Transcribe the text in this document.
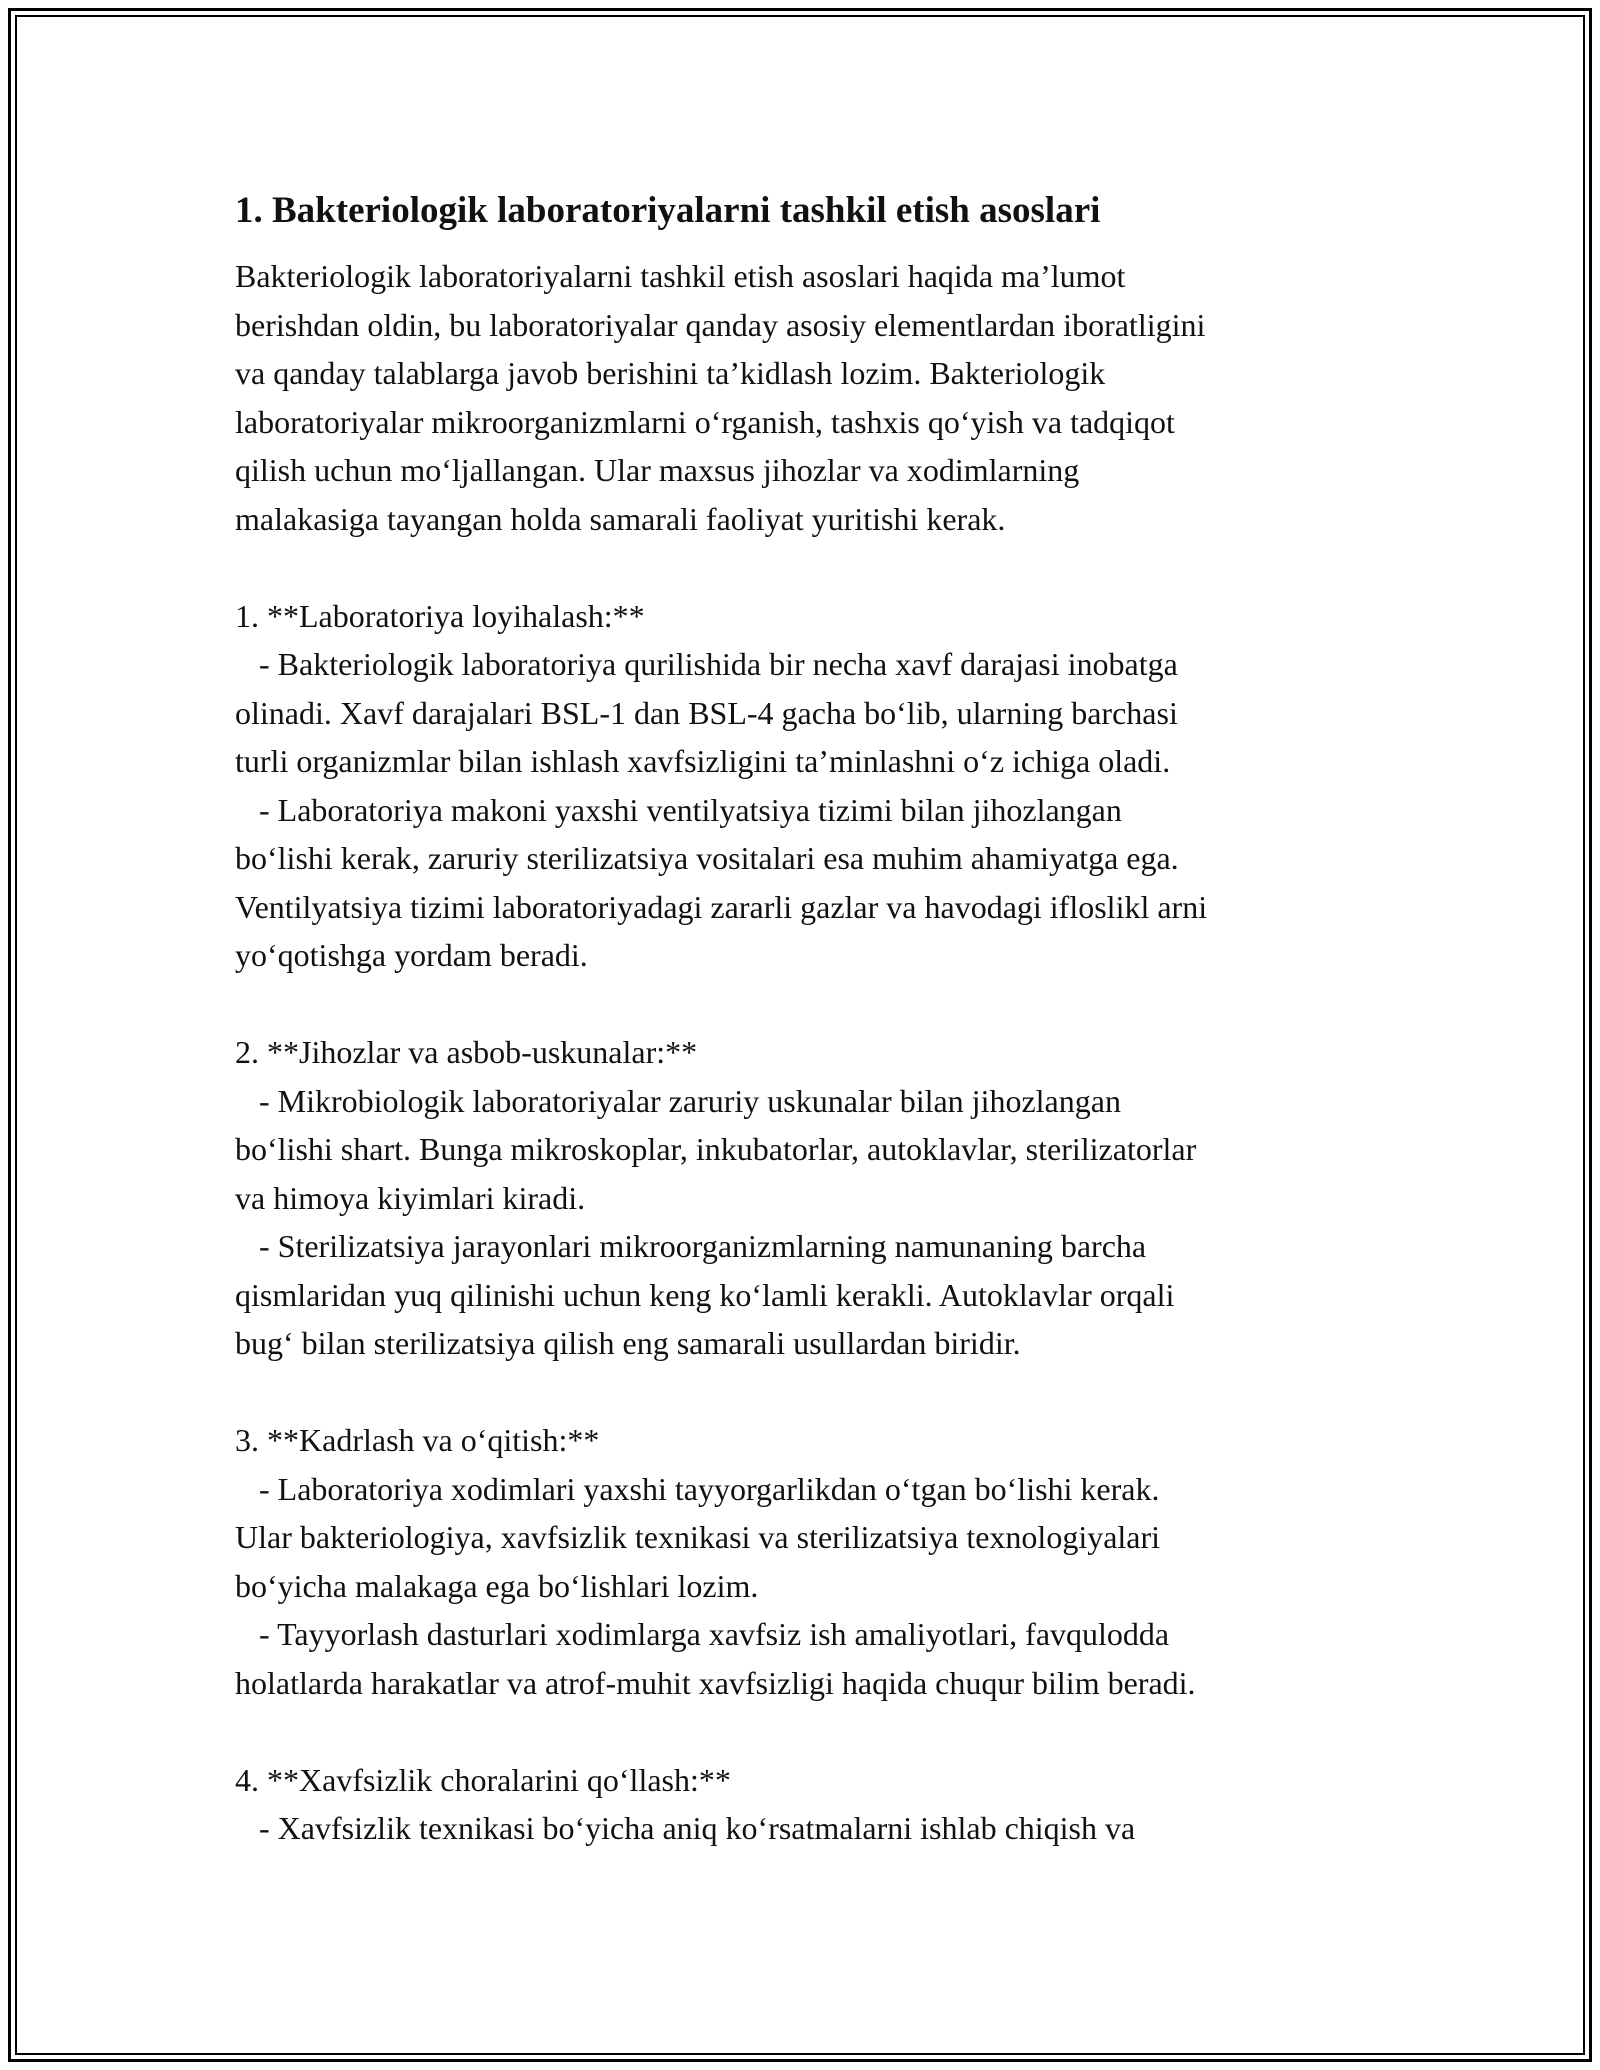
1. Bakteriologik laboratoriyalarni tashkil etish asoslari

Bakteriologik laboratoriyalarni tashkil etish asoslari haqida ma’lumot

berishdan oldin, bu laboratoriyalar qanday asosiy elementlardan iboratligini

va qanday talablarga javob berishini ta’kidlash lozim. Bakteriologik

laboratoriyalar mikroorganizmlarni o‘rganish, tashxis qo‘yish va tadqiqot

qilish uchun mo‘ljallangan. Ular maxsus jihozlar va xodimlarning

malakasiga tayangan holda samarali faoliyat yuritishi kerak.

1. **Laboratoriya loyihalash:**

- Bakteriologik laboratoriya qurilishida bir necha xavf darajasi inobatga

olinadi. Xavf darajalari BSL-1 dan BSL-4 gacha bo‘lib, ularning barchasi

turli organizmlar bilan ishlash xavfsizligini ta’minlashni o‘z ichiga oladi.

- Laboratoriya makoni yaxshi ventilyatsiya tizimi bilan jihozlangan

bo‘lishi kerak, zaruriy sterilizatsiya vositalari esa muhim ahamiyatga ega.

Ventilyatsiya tizimi laboratoriyadagi zararli gazlar va havodagi ifloslikl arni

yo‘qotishga yordam beradi.

2. **Jihozlar va asbob-uskunalar:**

- Mikrobiologik laboratoriyalar zaruriy uskunalar bilan jihozlangan

bo‘lishi shart. Bunga mikroskoplar, inkubatorlar, autoklavlar, sterilizatorlar

va himoya kiyimlari kiradi.

- Sterilizatsiya jarayonlari mikroorganizmlarning namunaning barcha

qismlaridan yuq qilinishi uchun keng ko‘lamli kerakli. Autoklavlar orqali

bug‘ bilan sterilizatsiya qilish eng samarali usullardan biridir.

3. **Kadrlash va o‘qitish:**

- Laboratoriya xodimlari yaxshi tayyorgarlikdan o‘tgan bo‘lishi kerak.

Ular bakteriologiya, xavfsizlik texnikasi va sterilizatsiya texnologiyalari

bo‘yicha malakaga ega bo‘lishlari lozim.

- Tayyorlash dasturlari xodimlarga xavfsiz ish amaliyotlari, favqulodda

holatlarda harakatlar va atrof-muhit xavfsizligi haqida chuqur bilim beradi.

4. **Xavfsizlik choralarini qo‘llash:**

- Xavfsizlik texnikasi bo‘yicha aniq ko‘rsatmalarni ishlab chiqish va
